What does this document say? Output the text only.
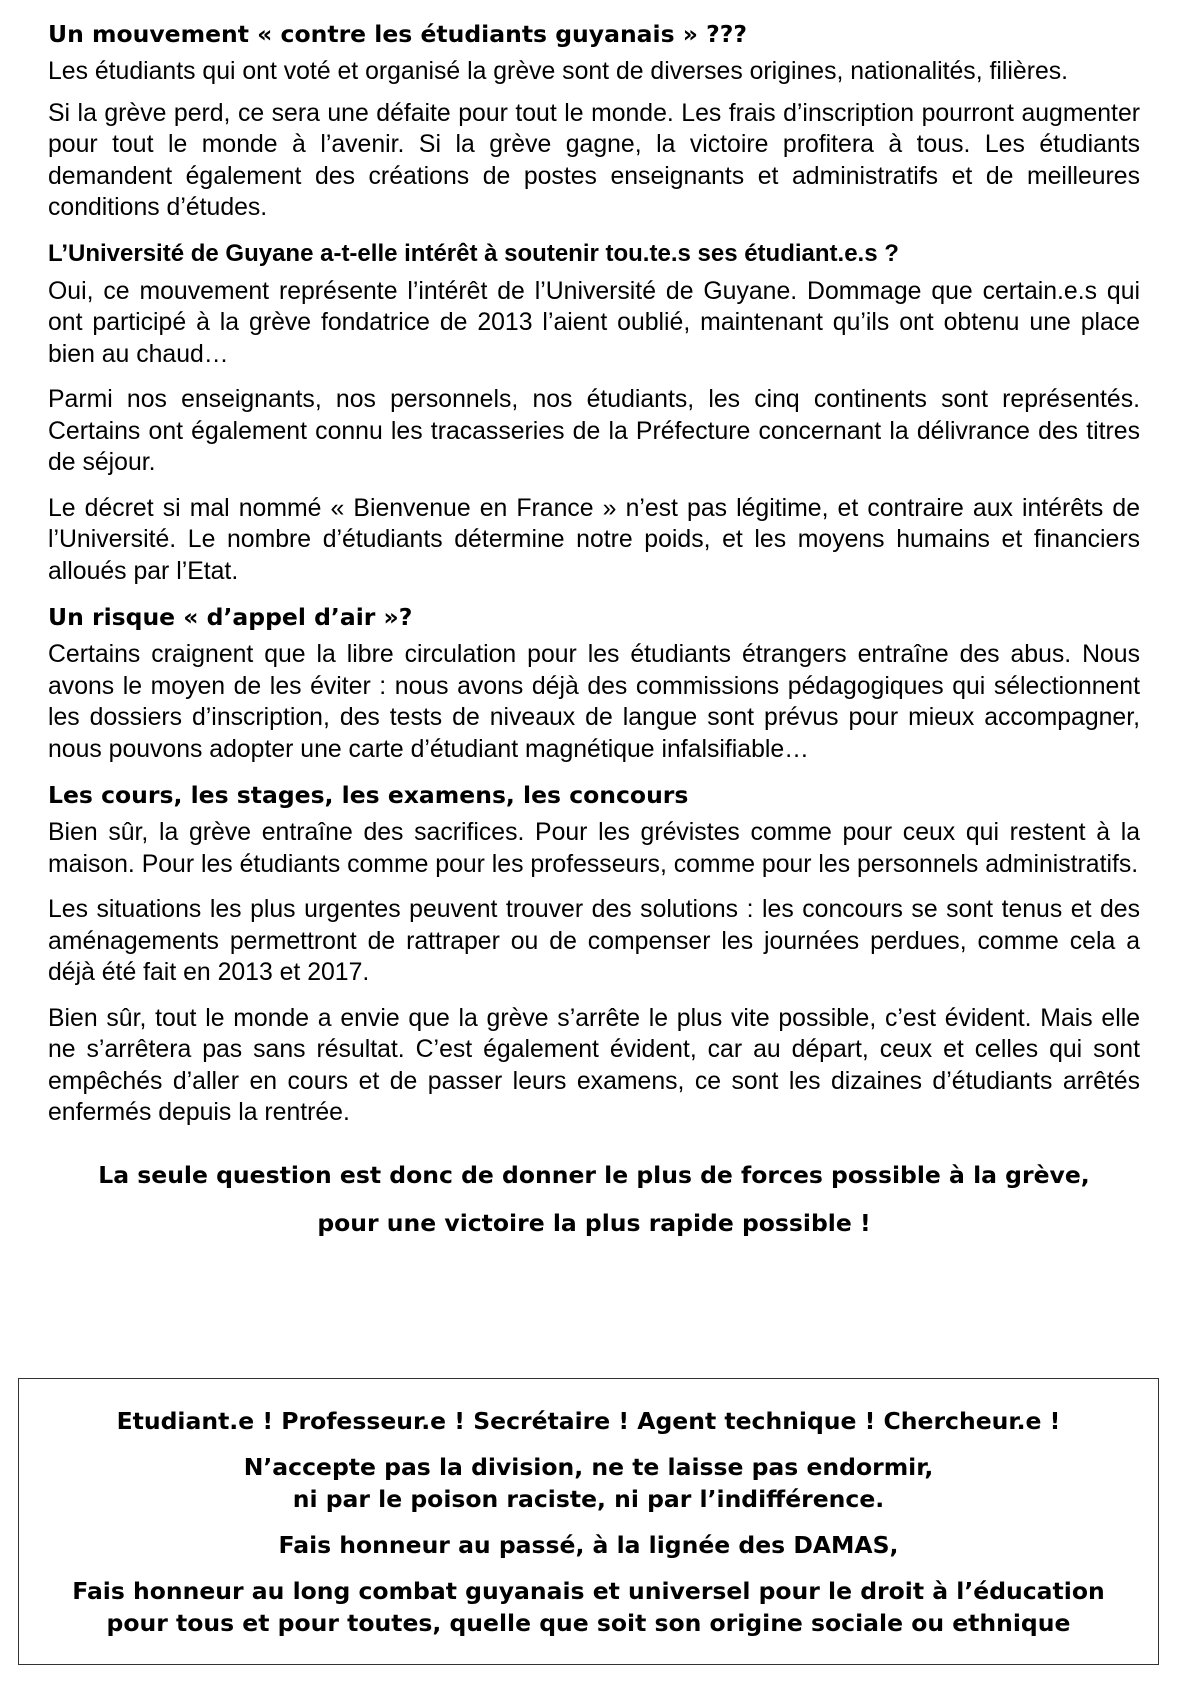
Un mouvement « contre les étudiants guyanais » ???

Les étudiants qui ont voté et organisé la grève sont de diverses origines, nationalités, filières.

Si la grève perd, ce sera une défaite pour tout le monde. Les frais d’inscription pourront augmenter pour tout le monde à l’avenir. Si la grève gagne, la victoire profitera à tous. Les étudiants demandent également des créations de postes enseignants et administratifs et de meilleures conditions d’études.

L’Université de Guyane a-t-elle intérêt à soutenir tou.te.s ses étudiant.e.s ?

Oui, ce mouvement représente l’intérêt de l’Université de Guyane. Dommage que certain.e.s qui ont participé à la grève fondatrice de 2013 l’aient oublié, maintenant qu’ils ont obtenu une place bien au chaud…

Parmi nos enseignants, nos personnels, nos étudiants, les cinq continents sont représentés. Certains ont également connu les tracasseries de la Préfecture concernant la délivrance des titres de séjour.

Le décret si mal nommé « Bienvenue en France » n’est pas légitime, et contraire aux intérêts de l’Université. Le nombre d’étudiants détermine notre poids, et les moyens humains et financiers alloués par l’Etat.

Un risque « d’appel d’air »?

Certains craignent que la libre circulation pour les étudiants étrangers entraîne des abus. Nous avons le moyen de les éviter : nous avons déjà des commissions pédagogiques qui sélectionnent les dossiers d’inscription, des tests de niveaux de langue sont prévus pour mieux accompagner, nous pouvons adopter une carte d’étudiant magnétique infalsifiable…

Les cours, les stages, les examens, les concours

Bien sûr, la grève entraîne des sacrifices. Pour les grévistes comme pour ceux qui restent à la maison. Pour les étudiants comme pour les professeurs, comme pour les personnels administratifs.

Les situations les plus urgentes peuvent trouver des solutions : les concours se sont tenus et des aménagements permettront de rattraper ou de compenser les journées perdues, comme cela a déjà été fait en 2013 et 2017.

Bien sûr, tout le monde a envie que la grève s’arrête le plus vite possible, c’est évident. Mais elle ne s’arrêtera pas sans résultat. C’est également évident, car au départ, ceux et celles qui sont empêchés d’aller en cours et de passer leurs examens, ce sont les dizaines d’étudiants arrêtés enfermés depuis la rentrée.

La seule question est donc de donner le plus de forces possible à la grève,

pour une victoire la plus rapide possible !

Etudiant.e ! Professeur.e ! Secrétaire ! Agent technique ! Chercheur.e !

N’accepte pas la division, ne te laisse pas endormir,

ni par le poison raciste, ni par l’indifférence.

Fais honneur au passé, à la lignée des DAMAS,

Fais honneur au long combat guyanais et universel pour le droit à l’éducation

pour tous et pour toutes, quelle que soit son origine sociale ou ethnique
